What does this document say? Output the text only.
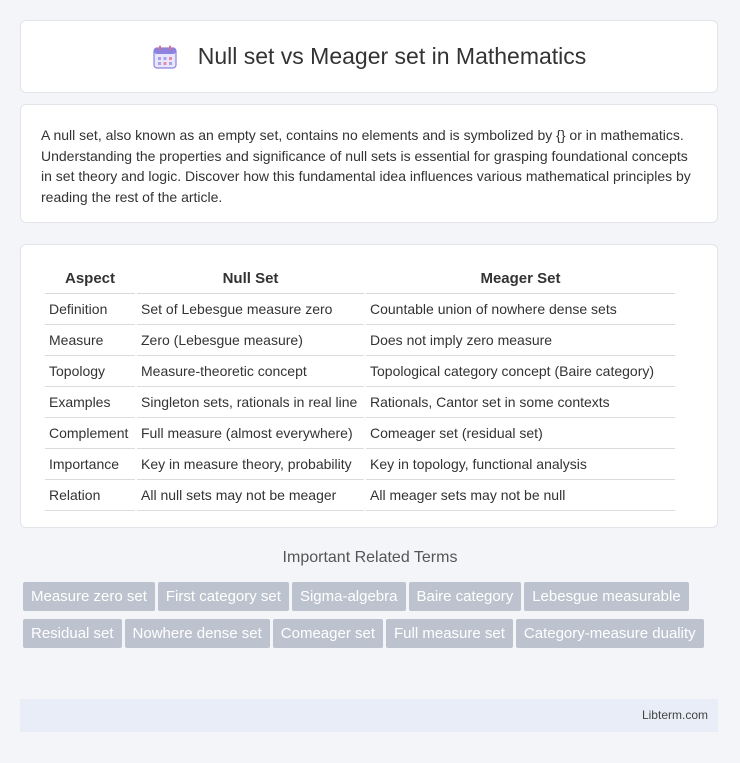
Null set vs Meager set in Mathematics

A null set, also known as an empty set, contains no elements and is symbolized by {} or in mathematics. Understanding the properties and significance of null sets is essential for grasping foundational concepts in set theory and logic. Discover how this fundamental idea influences various mathematical principles by reading the rest of the article.

Aspect	Null Set	Meager Set
Definition	Set of Lebesgue measure zero	Countable union of nowhere dense sets
Measure	Zero (Lebesgue measure)	Does not imply zero measure
Topology	Measure-theoretic concept	Topological category concept (Baire category)
Examples	Singleton sets, rationals in real line	Rationals, Cantor set in some contexts
Complement	Full measure (almost everywhere)	Comeager set (residual set)
Importance	Key in measure theory, probability	Key in topology, functional analysis
Relation	All null sets may not be meager	All meager sets may not be null
Important Related Terms
Measure zero set First category set Sigma-algebra Baire category Lebesgue measurableResidual set Nowhere dense set Comeager set Full measure set Category-measure duality
Libterm.com
